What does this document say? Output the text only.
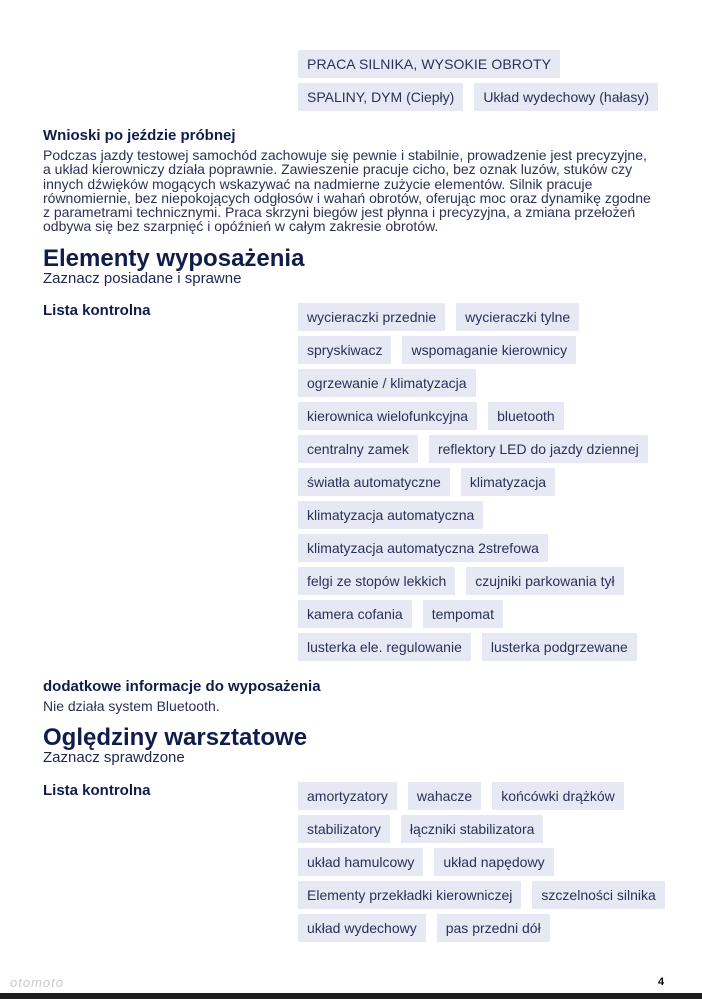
PRACA SILNIKA, WYSOKIE OBROTY
SPALINY, DYM (Ciepły)	Układ wydechowy (hałasy)
Wnioski po jeździe próbnej
Podczas jazdy testowej samochód zachowuje się pewnie i stabilnie, prowadzenie jest precyzyjne, a układ kierowniczy działa poprawnie. Zawieszenie pracuje cicho, bez oznak luzów, stuków czy innych dźwięków mogących wskazywać na nadmierne zużycie elementów. Silnik pracuje równomiernie, bez niepokojących odgłosów i wahań obrotów, oferując moc oraz dynamikę zgodne z parametrami technicznymi. Praca skrzyni biegów jest płynna i precyzyjna, a zmiana przełożeń odbywa się bez szarpnięć i opóźnień w całym zakresie obrotów.
Elementy wyposażenia
Zaznacz posiadane i sprawne
Lista kontrolna	wycieraczki przednie	wycieraczki tylne
spryskiwacz	wspomaganie kierownicy
ogrzewanie / klimatyzacja
kierownica wielofunkcyjna	bluetooth
centralny zamek	reflektory LED do jazdy dziennej
światła automatyczne	klimatyzacja
klimatyzacja automatyczna
klimatyzacja automatyczna 2strefowa
felgi ze stopów lekkich	czujniki parkowania tył
kamera cofania	tempomat
lusterka ele. regulowanie	lusterka podgrzewane
dodatkowe informacje do wyposażenia
Nie działa system Bluetooth.
Oględziny warsztatowe
Zaznacz sprawdzone
Lista kontrolna	amortyzatory	wahacze	końcówki drążków
stabilizatory	łączniki stabilizatora
układ hamulcowy	układ napędowy
Elementy przekładki kierowniczej	szczelności silnika
układ wydechowy	pas przedni dół
otomoto	4
